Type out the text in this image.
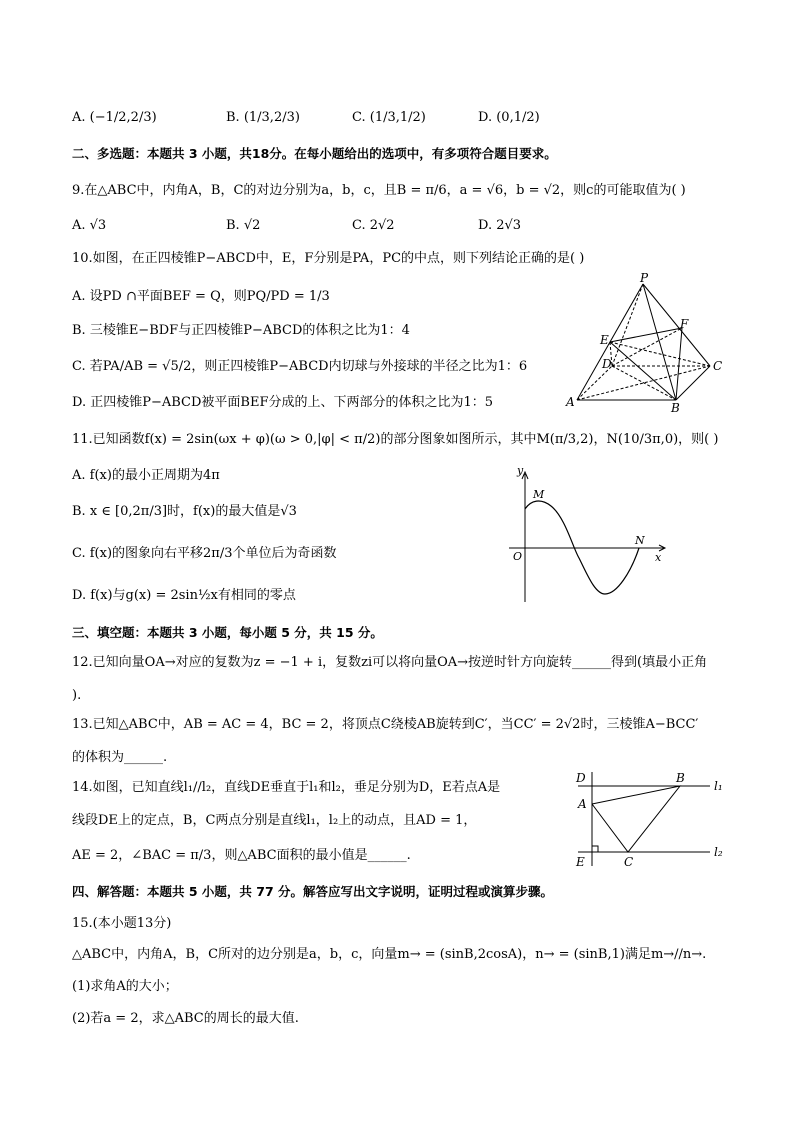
A. (−1/2,2/3)	B. (1/3,2/3)	C. (1/3,1/2)	D. (0,1/2)
二、多选题：本题共 3 小题，共18分。在每小题给出的选项中，有多项符合题目要求。
9.在△ABC中，内角A，B，C的对边分别为a，b，c，且B = π/6，a = √6，b = √2，则c的可能取值为( )
A. √3	B. √2	C. 2√2	D. 2√3
10.如图，在正四棱锥P−ABCD中，E，F分别是PA，PC的中点，则下列结论正确的是( )
A. 设PD ∩平面BEF = Q，则PQ/PD = 1/3
B. 三棱锥E−BDF与正四棱锥P−ABCD的体积之比为1：4
C. 若PA/AB = √5/2，则正四棱锥P−ABCD内切球与外接球的半径之比为1：6
D. 正四棱锥P−ABCD被平面BEF分成的上、下两部分的体积之比为1：5
P
E
F
D	C
A	B
11.已知函数f(x) = 2sin(ωx + φ)(ω > 0,|φ| < π/2)的部分图象如图所示，其中M(π/3,2)，N(10/3π,0)，则( )
A. f(x)的最小正周期为4π
B. x ∈ [0,2π/3]时，f(x)的最大值是√3
C. f(x)的图象向右平移2π/3个单位后为奇函数
D. f(x)与g(x) = 2sin½x有相同的零点
y
x
O
M
N
三、填空题：本题共 3 小题，每小题 5 分，共 15 分。
12.已知向量OA→对应的复数为z = −1 + i，复数zi可以将向量OA→按逆时针方向旋转______得到(填最小正角
).
13.已知△ABC中，AB = AC = 4，BC = 2，将顶点C绕棱AB旋转到C′，当CC′ = 2√2时，三棱锥A−BCC′
的体积为______.
14.如图，已知直线l₁//l₂，直线DE垂直于l₁和l₂，垂足分别为D，E若点A是
线段DE上的定点，B，C两点分别是直线l₁，l₂上的动点，且AD = 1，
AE = 2，∠BAC = π/3，则△ABC面积的最小值是______.
D	B
l₁
A
E	C
l₂
四、解答题：本题共 5 小题，共 77 分。解答应写出文字说明，证明过程或演算步骤。
15.(本小题13分)
△ABC中，内角A，B，C所对的边分别是a，b，c，向量m→ = (sinB,2cosA)，n→ = (sinB,1)满足m→//n→.
(1)求角A的大小；
(2)若a = 2，求△ABC的周长的最大值.
